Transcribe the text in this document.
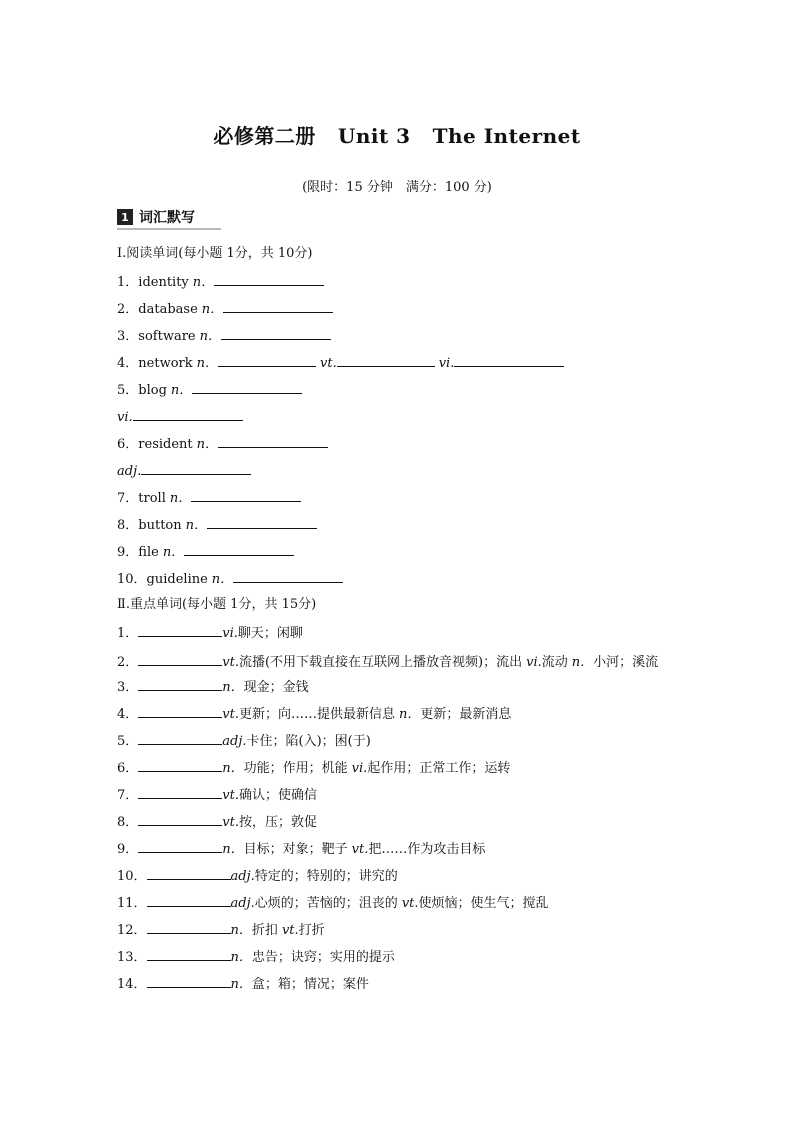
必修第二册 Unit 3 The Internet
(限时：15 分钟　满分：100 分)
1 词汇默写
Ⅰ.阅读单词(每小题 1分，共 10分)
1．identity n．
2．database n．
3．software n．
4．network n．	vt.	vi.
5．blog n．
vi.
6．resident n．
adj.
7．troll n．
8．button n．
9．file n．
10．guideline n．
Ⅱ.重点单词(每小题 1分，共 15分)
1．	vi.聊天；闲聊
2．	vt.流播(不用下载直接在互联网上播放音视频)；流出 vi.流动 n．小河；溪流
3．	n．现金；金钱
4．	vt.更新；向……提供最新信息 n．更新；最新消息
5．	adj.卡住；陷(入)；困(于)
6．	n．功能；作用；机能 vi.起作用；正常工作；运转
7．	vt.确认；使确信
8．	vt.按，压；敦促
9．	n．目标；对象；靶子 vt.把……作为攻击目标
10．	adj.特定的；特别的；讲究的
11．	adj.心烦的；苦恼的；沮丧的 vt.使烦恼；使生气；搅乱
12．	n．折扣 vt.打折
13．	n．忠告；诀窍；实用的提示
14．	n．盒；箱；情况；案件
